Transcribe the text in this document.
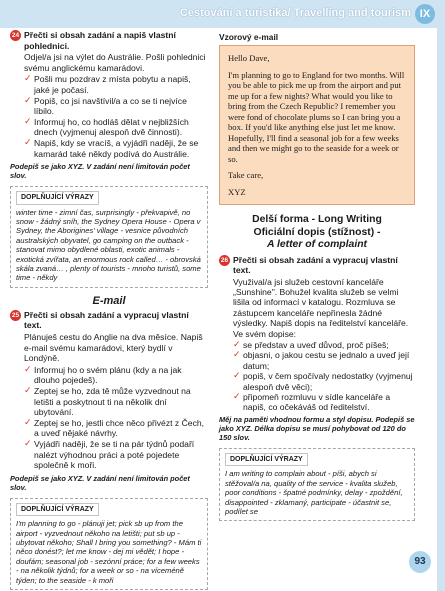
Cestování a turistika/ Travelling and tourism IX
24 Přečti si obsah zadání a napiš vlastní pohlednici.
Odjel/a jsi na výlet do Austrálie. Pošli pohlednici svému anglickému kamarádovi.
✓ Pošli mu pozdrav z místa pobytu a napiš, jaké je počasí.
✓ Popiš, co jsi navštívil/a a co se ti nejvíce líbilo.
✓ Informuj ho, co hodláš dělat v nejbližších dnech (vyjmenuj alespoň dvě činnosti).
✓ Napiš, kdy se vracíš, a vyjádři naději, že se kamarád také někdy podívá do Austrálie.
Podepiš se jako XYZ. V zadání není limitován počet slov.
DOPLŇUJÍCÍ VÝRAZY
winter time - zimní čas, surprisingly - překvapivě, no snow - žádný sníh, the Sydney Opera House - Opera v Sydney, the Aborigines' village - vesnice původních australských obyvatel, go camping on the outback - stanovat mimo obydlené oblasti, exotic animals - exotická zvířata, an enormous rock called… - obrovská skála zvaná… , plenty of tourists - mnoho turistů, some time - někdy
E-mail
25 Přečti si obsah zadání a vypracuj vlastní text.
Plánuješ cestu do Anglie na dva měsíce. Napiš e-mail svému kamarádovi, který bydlí v Londýně.
✓ Informuj ho o svém plánu (kdy a na jak dlouho pojedeš).
✓ Zeptej se ho, zda tě může vyzvednout na letišti a poskytnout ti na několik dní ubytování.
✓ Zeptej se ho, jestli chce něco přivézt z Čech, a uveď nějaké návrhy.
✓ Vyjádři naději, že se ti na pár týdnů podaří nalézt výhodnou práci a poté pojedete společně k moři.
Podepiš se jako XYZ. V zadání není limitován počet slov.
DOPLŇUJÍCÍ VÝRAZY
I'm planning to go - plánuji jet; pick sb up from the airport - vyzvednout někoho na letišti; put sb up - ubytovat někoho; Shall I bring you something? - Mám ti něco donést?; let me know - dej mi vědět; I hope - doufám; seasonal job - sezónní práce; for a few weeks - na několik týdnů; for a week or so - na víceméně týden; to the seaside - k moři
Vzorový e-mail

Hello Dave,

I'm planning to go to England for two months. Will you be able to pick me up from the airport and put me up for a few nights? What would you like to bring from the Czech Republic? I remember you were fond of chocolate plums so I can bring you a box. If you'd like anything else just let me know. Hopefully, I'll find a seasonal job for a few weeks and then we might go to the seaside for a week or so.

Take care,

XYZ

Delší forma - Long Writing
Oficiální dopis (stížnost) -
A letter of complaint
26 Přečti si obsah zadání a vypracuj vlastní text.
Využival/a jsi služeb cestovní kanceláře „Sunshine". Bohužel kvalita služeb se velmi lišila od informací v katalogu. Rozmluva se zástupcem kanceláře nepřinesla žádné výsledky. Napiš dopis na ředitelství kanceláře. Ve svém dopise:
✓ se představ a uveď důvod, proč píšeš;
✓ objasni, o jakou cestu se jednalo a uveď její datum;
✓ popiš, v čem spočívaly nedostatky (vyjmenuj alespoň dvě věci);
✓ připomeň rozmluvu v sídle kanceláře a napiš, co očekáváš od ředitelství.
Měj na paměti vhodnou formu a styl dopisu. Podepiš se jako XYZ. Délka dopisu se musí pohybovat od 120 do 150 slov.
DOPLŇUJÍCÍ VÝRAZY
I am writing to complain about - píši, abych si stěžoval/a na, quality of the service - kvalita služeb, poor conditions - špatné podmínky, delay - zpoždění, disappointed - zklamaný, participate - účastnit se, podílet se
93
